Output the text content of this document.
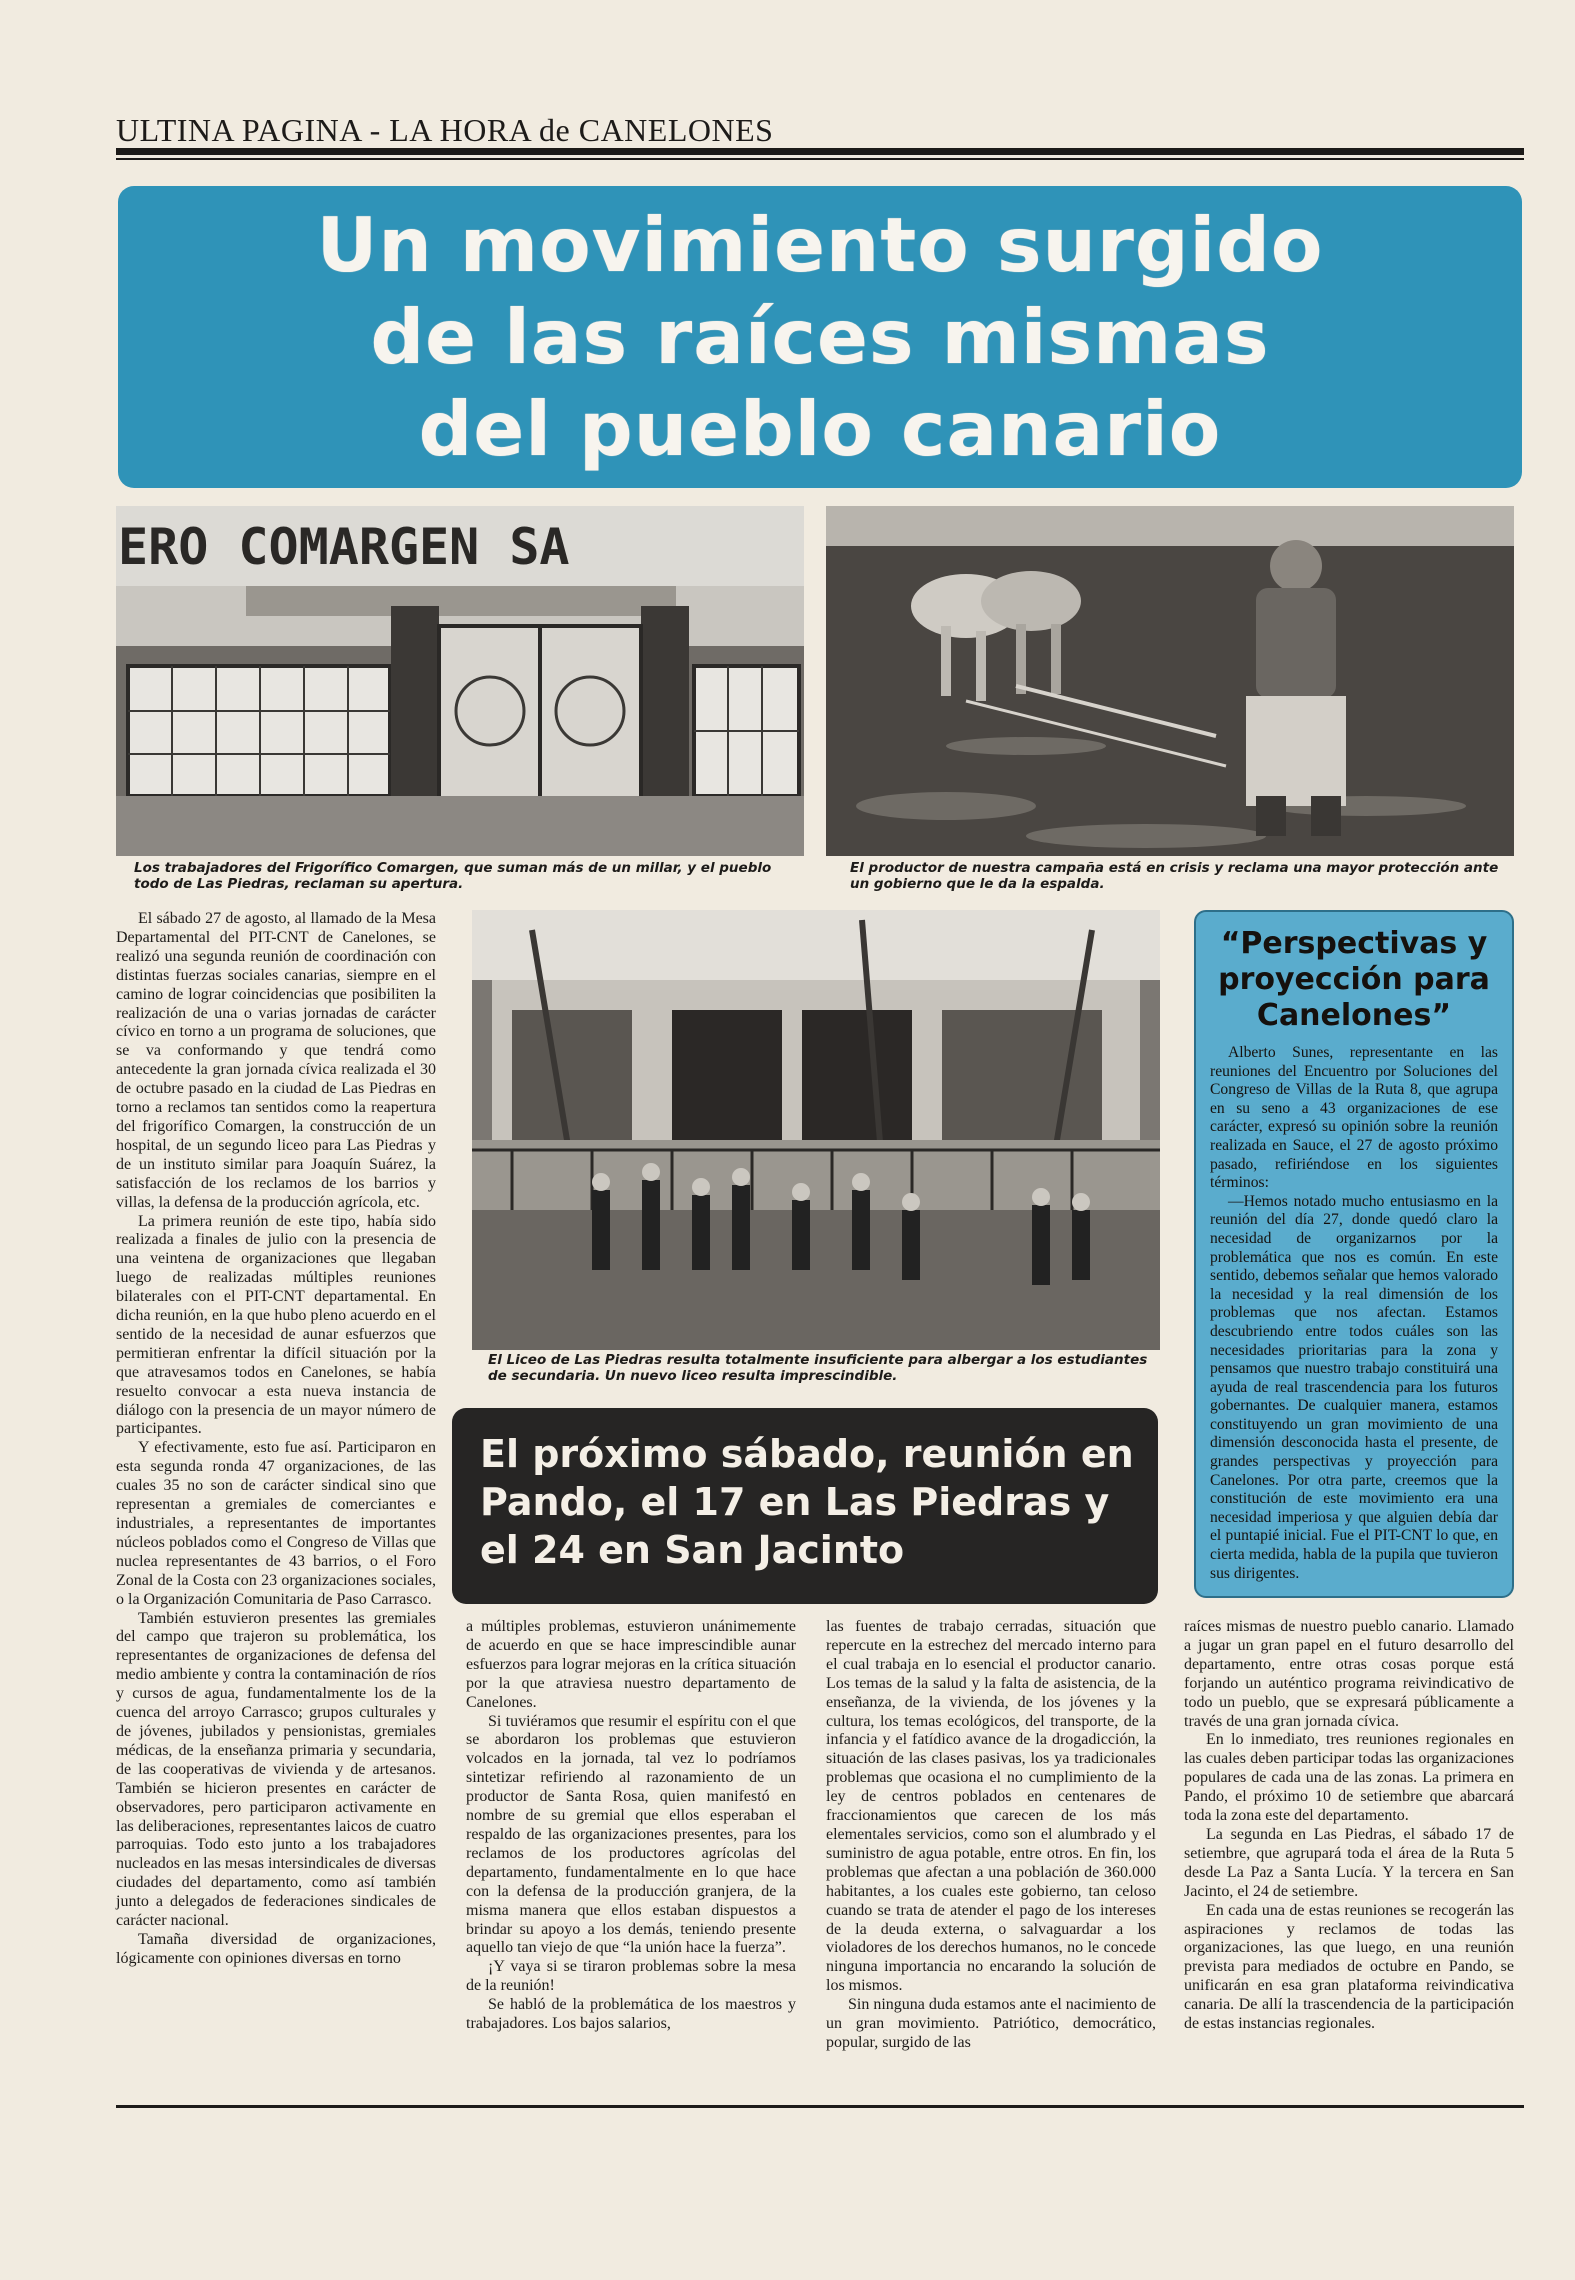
ULTINA PAGINA - LA HORA de CANELONES
Un movimiento surgido
de las raíces mismas
del pueblo canario
ERO COMARGEN SA
Los trabajadores del Frigorífico Comargen, que suman más de un millar, y el pueblo todo de Las Piedras, reclaman su apertura.
El productor de nuestra campaña está en crisis y reclama una mayor protección ante un gobierno que le da la espalda.

El sábado 27 de agosto, al llamado de la Mesa Departamental del PIT-CNT de Canelones, se realizó una segunda reunión de coordinación con distintas fuerzas sociales canarias, siempre en el camino de lograr coincidencias que posibiliten la realización de una o varias jornadas de carácter cívico en torno a un programa de soluciones, que se va conformando y que tendrá como antecedente la gran jornada cívica realizada el 30 de octubre pasado en la ciudad de Las Piedras en torno a reclamos tan sentidos como la reapertura del frigorífico Comargen, la construcción de un hospital, de un segundo liceo para Las Piedras y de un instituto similar para Joaquín Suárez, la satisfacción de los reclamos de los barrios y villas, la defensa de la producción agrícola, etc.

La primera reunión de este tipo, había sido realizada a finales de julio con la presencia de una veintena de organizaciones que llegaban luego de realizadas múltiples reuniones bilaterales con el PIT-CNT departamental. En dicha reunión, en la que hubo pleno acuerdo en el sentido de la necesidad de aunar esfuerzos que permitieran enfrentar la difícil situación por la que atravesamos todos en Canelones, se había resuelto convocar a esta nueva instancia de diálogo con la presencia de un mayor número de participantes.

Y efectivamente, esto fue así. Participaron en esta segunda ronda 47 organizaciones, de las cuales 35 no son de carácter sindical sino que representan a gremiales de comerciantes e industriales, a representantes de importantes núcleos poblados como el Congreso de Villas que nuclea representantes de 43 barrios, o el Foro Zonal de la Costa con 23 organizaciones sociales, o la Organización Comunitaria de Paso Carrasco.

También estuvieron presentes las gremiales del campo que trajeron su problemática, los representantes de organizaciones de defensa del medio ambiente y contra la contaminación de ríos y cursos de agua, fundamentalmente los de la cuenca del arroyo Carrasco; grupos culturales y de jóvenes, jubilados y pensionistas, gremiales médicas, de la enseñanza primaria y secundaria, de las cooperativas de vivienda y de artesanos. También se hicieron presentes en carácter de observadores, pero participaron activamente en las deliberaciones, representantes laicos de cuatro parroquias. Todo esto junto a los trabajadores nucleados en las mesas intersindicales de diversas ciudades del departamento, como así también junto a delegados de federaciones sindicales de carácter nacional.

Tamaña diversidad de organizaciones, lógicamente con opiniones diversas en torno

El Liceo de Las Piedras resulta totalmente insuficiente para albergar a los estudiantes de secundaria. Un nuevo liceo resulta imprescindible.
“Perspectivas y proyección para Canelones”

Alberto Sunes, representante en las reuniones del Encuentro por Soluciones del Congreso de Villas de la Ruta 8, que agrupa en su seno a 43 organizaciones de ese carácter, expresó su opinión sobre la reunión realizada en Sauce, el 27 de agosto próximo pasado, refiriéndose en los siguientes términos:

—Hemos notado mucho entusiasmo en la reunión del día 27, donde quedó claro la necesidad de organizarnos por la problemática que nos es común. En este sentido, debemos señalar que hemos valorado la necesidad y la real dimensión de los problemas que nos afectan. Estamos descubriendo entre todos cuáles son las necesidades prioritarias para la zona y pensamos que nuestro trabajo constituirá una ayuda de real trascendencia para los futuros gobernantes. De cualquier manera, estamos constituyendo un gran movimiento de una dimensión desconocida hasta el presente, de grandes perspectivas y proyección para Canelones. Por otra parte, creemos que la constitución de este movimiento era una necesidad imperiosa y que alguien debía dar el puntapié inicial. Fue el PIT-CNT lo que, en cierta medida, habla de la pupila que tuvieron sus dirigentes.

El próximo sábado, reunión en
Pando, el 17 en Las Piedras y
el 24 en San Jacinto

a múltiples problemas, estuvieron unánimemente de acuerdo en que se hace imprescindible aunar esfuerzos para lograr mejoras en la crítica situación por la que atraviesa nuestro departamento de Canelones.

Si tuviéramos que resumir el espíritu con el que se abordaron los problemas que estuvieron volcados en la jornada, tal vez lo podríamos sintetizar refiriendo al razonamiento de un productor de Santa Rosa, quien manifestó en nombre de su gremial que ellos esperaban el respaldo de las organizaciones presentes, para los reclamos de los productores agrícolas del departamento, fundamentalmente en lo que hace con la defensa de la producción granjera, de la misma manera que ellos estaban dispuestos a brindar su apoyo a los demás, teniendo presente aquello tan viejo de que “la unión hace la fuerza”.

¡Y vaya si se tiraron problemas sobre la mesa de la reunión!

Se habló de la problemática de los maestros y trabajadores. Los bajos salarios,

las fuentes de trabajo cerradas, situación que repercute en la estrechez del mercado interno para el cual trabaja en lo esencial el productor canario. Los temas de la salud y la falta de asistencia, de la enseñanza, de la vivienda, de los jóvenes y la cultura, los temas ecológicos, del transporte, de la infancia y el fatídico avance de la drogadicción, la situación de las clases pasivas, los ya tradicionales problemas que ocasiona el no cumplimiento de la ley de centros poblados en centenares de fraccionamientos que carecen de los más elementales servicios, como son el alumbrado y el suministro de agua potable, entre otros. En fin, los problemas que afectan a una población de 360.000 habitantes, a los cuales este gobierno, tan celoso cuando se trata de atender el pago de los intereses de la deuda externa, o salvaguardar a los violadores de los derechos humanos, no le concede ninguna importancia no encarando la solución de los mismos.

Sin ninguna duda estamos ante el nacimiento de un gran movimiento. Patriótico, democrático, popular, surgido de las

raíces mismas de nuestro pueblo canario. Llamado a jugar un gran papel en el futuro desarrollo del departamento, entre otras cosas porque está forjando un auténtico programa reivindicativo de todo un pueblo, que se expresará públicamente a través de una gran jornada cívica.

En lo inmediato, tres reuniones regionales en las cuales deben participar todas las organizaciones populares de cada una de las zonas. La primera en Pando, el próximo 10 de setiembre que abarcará toda la zona este del departamento.

La segunda en Las Piedras, el sábado 17 de setiembre, que agrupará toda el área de la Ruta 5 desde La Paz a Santa Lucía. Y la tercera en San Jacinto, el 24 de setiembre.

En cada una de estas reuniones se recogerán las aspiraciones y reclamos de todas las organizaciones, las que luego, en una reunión prevista para mediados de octubre en Pando, se unificarán en esa gran plataforma reivindicativa canaria. De allí la trascendencia de la participación de estas instancias regionales.
